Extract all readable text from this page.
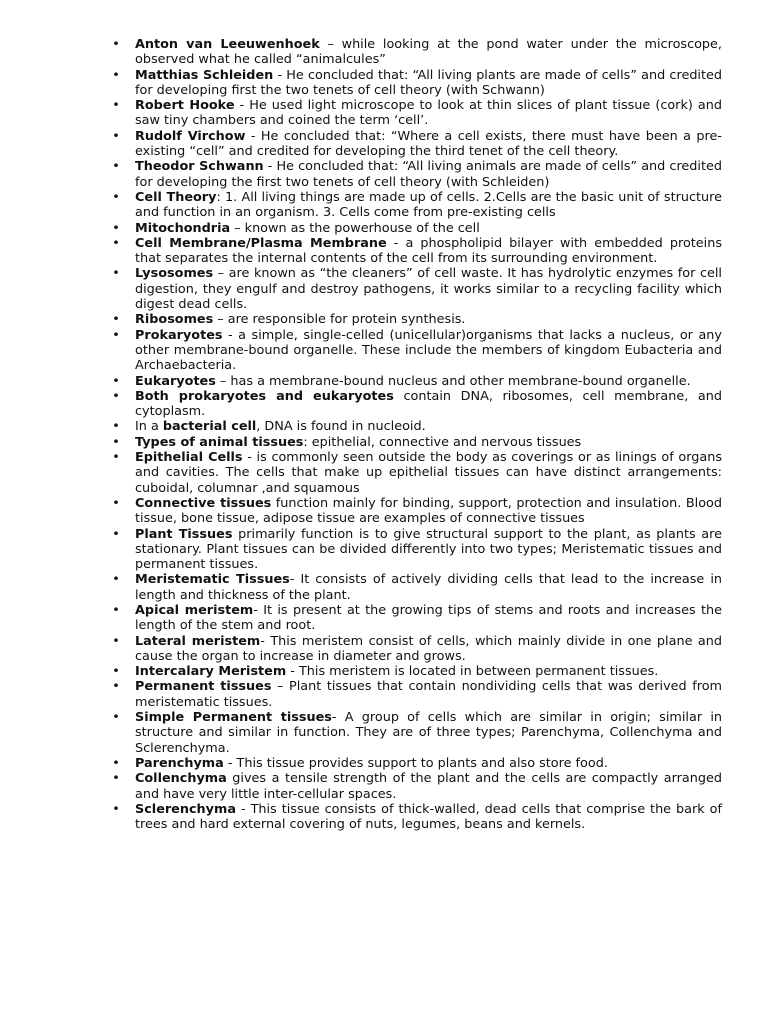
• Anton van Leeuwenhoek – while looking at the pond water under the microscope, observed what he called “animalcules”
• Matthias Schleiden - He concluded that: “All living plants are made of cells” and credited for developing first the two tenets of cell theory (with Schwann)
• Robert Hooke - He used light microscope to look at thin slices of plant tissue (cork) and saw tiny chambers and coined the term ‘cell’.
• Rudolf Virchow - He concluded that: “Where a cell exists, there must have been a pre-existing “cell” and credited for developing the third tenet of the cell theory.
• Theodor Schwann - He concluded that: “All living animals are made of cells” and credited for developing the first two tenets of cell theory (with Schleiden)
• Cell Theory: 1. All living things are made up of cells. 2.Cells are the basic unit of structure and function in an organism. 3. Cells come from pre-existing cells
• Mitochondria – known as the powerhouse of the cell
• Cell Membrane/Plasma Membrane - a phospholipid bilayer with embedded proteins that separates the internal contents of the cell from its surrounding environment.
• Lysosomes – are known as “the cleaners” of cell waste. It has hydrolytic enzymes for cell digestion, they engulf and destroy pathogens, it works similar to a recycling facility which digest dead cells.
• Ribosomes – are responsible for protein synthesis.
• Prokaryotes - a simple, single-celled (unicellular)organisms that lacks a nucleus, or any other membrane-bound organelle. These include the members of kingdom Eubacteria and Archaebacteria.
• Eukaryotes – has a membrane-bound nucleus and other membrane-bound organelle.
• Both prokaryotes and eukaryotes contain DNA, ribosomes, cell membrane, and cytoplasm.
• In a bacterial cell, DNA is found in nucleoid.
• Types of animal tissues: epithelial, connective and nervous tissues
• Epithelial Cells - is commonly seen outside the body as coverings or as linings of organs and cavities. The cells that make up epithelial tissues can have distinct arrangements: cuboidal, columnar ,and squamous
• Connective tissues function mainly for binding, support, protection and insulation. Blood tissue, bone tissue, adipose tissue are examples of connective tissues
• Plant Tissues primarily function is to give structural support to the plant, as plants are stationary. Plant tissues can be divided differently into two types; Meristematic tissues and permanent tissues.
• Meristematic Tissues- It consists of actively dividing cells that lead to the increase in length and thickness of the plant.
• Apical meristem- It is present at the growing tips of stems and roots and increases the length of the stem and root.
• Lateral meristem- This meristem consist of cells, which mainly divide in one plane and cause the organ to increase in diameter and grows.
• Intercalary Meristem - This meristem is located in between permanent tissues.
• Permanent tissues – Plant tissues that contain nondividing cells that was derived from meristematic tissues.
• Simple Permanent tissues- A group of cells which are similar in origin; similar in structure and similar in function. They are of three types; Parenchyma, Collenchyma and Sclerenchyma.
• Parenchyma - This tissue provides support to plants and also store food.
• Collenchyma gives a tensile strength of the plant and the cells are compactly arranged and have very little inter-cellular spaces.
• Sclerenchyma - This tissue consists of thick-walled, dead cells that comprise the bark of trees and hard external covering of nuts, legumes, beans and kernels.
